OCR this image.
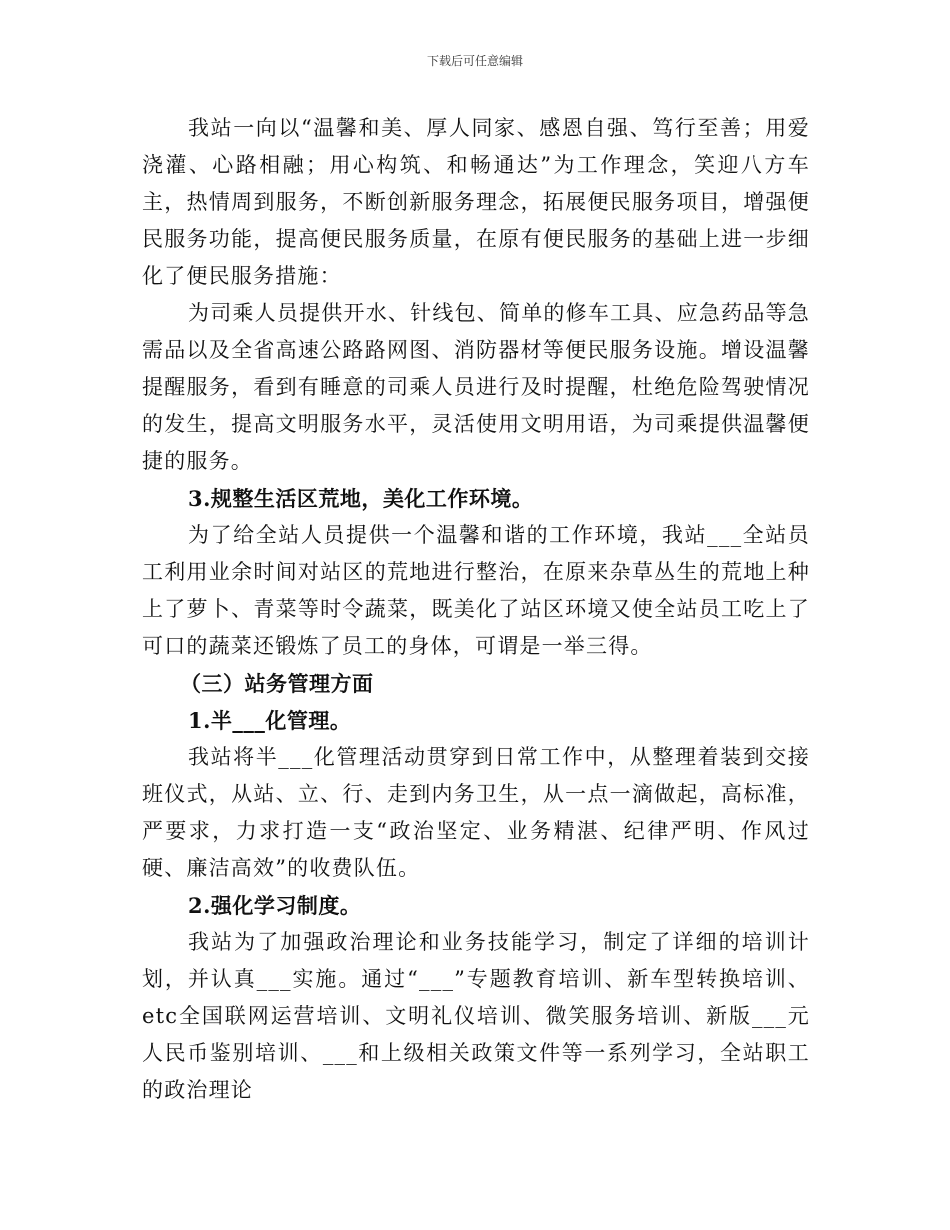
下载后可任意编辑

我站一向以“温馨和美、厚人同家、感恩自强、笃行至善；用爱浇灌、心路相融；用心构筑、和畅通达”为工作理念，笑迎八方车主，热情周到服务，不断创新服务理念，拓展便民服务项目，增强便民服务功能，提高便民服务质量，在原有便民服务的基础上进一步细化了便民服务措施：

为司乘人员提供开水、针线包、简单的修车工具、应急药品等急需品以及全省高速公路路网图、消防器材等便民服务设施。增设温馨提醒服务，看到有睡意的司乘人员进行及时提醒，杜绝危险驾驶情况的发生，提高文明服务水平，灵活使用文明用语，为司乘提供温馨便捷的服务。

3.规整生活区荒地，美化工作环境。

为了给全站人员提供一个温馨和谐的工作环境，我站___全站员工利用业余时间对站区的荒地进行整治，在原来杂草丛生的荒地上种上了萝卜、青菜等时令蔬菜，既美化了站区环境又使全站员工吃上了可口的蔬菜还锻炼了员工的身体，可谓是一举三得。

（三）站务管理方面

1.半___化管理。

我站将半___化管理活动贯穿到日常工作中，从整理着装到交接班仪式，从站、立、行、走到内务卫生，从一点一滴做起，高标准，严要求，力求打造一支“政治坚定、业务精湛、纪律严明、作风过硬、廉洁高效”的收费队伍。

2.强化学习制度。

我站为了加强政治理论和业务技能学习，制定了详细的培训计划，并认真___实施。通过“___”专题教育培训、新车型转换培训、etc全国联网运营培训、文明礼仪培训、微笑服务培训、新版___元人民币鉴别培训、___和上级相关政策文件等一系列学习，全站职工的政治理论
